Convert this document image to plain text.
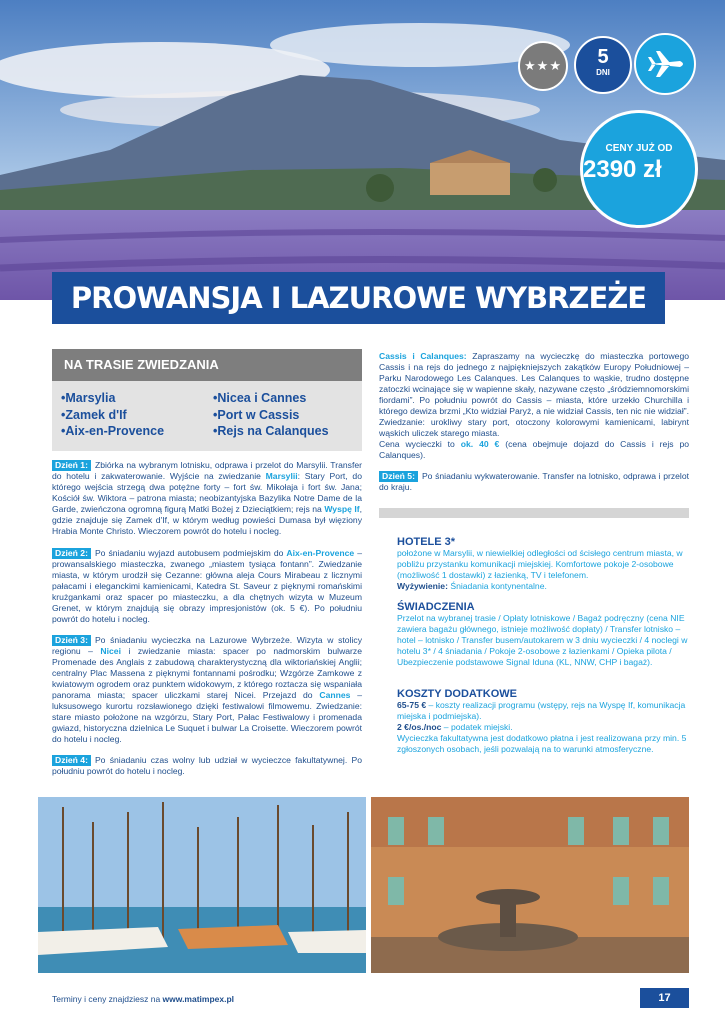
★★★	5
DNI
CENY JUŻ OD
2390 zł
PROWANSJA I LAZUROWE WYBRZEŻE
NA TRASIE ZWIEDZANIA
• Marsylia
• Zamek d'If
• Aix-en-Provence
• Nicea i Cannes
• Port w Cassis
• Rejs na Calanques
Dzień 1: Zbiórka na wybranym lotnisku, odprawa i przelot do Marsylii. Transfer do hotelu i zakwaterowanie. Wyjście na zwiedzanie Marsylii: Stary Port, do którego wejścia strzegą dwa potężne forty – fort św. Mikołaja i fort św. Jana; Kościół św. Wiktora – patrona miasta; neobizantyjska Bazylika Notre Dame de la Garde, zwieńczona ogromną figurą Matki Bożej z Dzieciątkiem; rejs na Wyspę If, gdzie znajduje się Zamek d'If, w którym według powieści Dumasa był więziony Hrabia Monte Christo. Wieczorem powrót do hotelu i nocleg.
Dzień 2: Po śniadaniu wyjazd autobusem podmiejskim do Aix-en-Provence – prowansalskiego miasteczka, zwanego „miastem tysiąca fontann”. Zwiedzanie miasta, w którym urodził się Cezanne: główna aleja Cours Mirabeau z licznymi pałacami i eleganckimi kamienicami, Katedra St. Saveur z pięknymi romańskimi krużgankami oraz spacer po miasteczku, a dla chętnych wizyta w Muzeum Grenet, w którym znajdują się obrazy impresjonistów (ok. 5 €). Po południu powrót do hotelu i nocleg.
Dzień 3: Po śniadaniu wycieczka na Lazurowe Wybrzeże. Wizyta w stolicy regionu – Nicei i zwiedzanie miasta: spacer po nadmorskim bulwarze Promenade des Anglais z zabudową charakterystyczną dla wiktoriańskiej Anglii; centralny Plac Massena z pięknymi fontannami pośrodku; Wzgórze Zamkowe z kwiatowym ogrodem oraz punktem widokowym, z którego roztacza się wspaniała panorama miasta; spacer uliczkami starej Nicei. Przejazd do Cannes – luksusowego kurortu rozsławionego dzięki festiwalowi filmowemu. Zwiedzanie: stare miasto położone na wzgórzu, Stary Port, Pałac Festiwalowy i promenada gwiazd, historyczna dzielnica Le Suquet i bulwar La Croisette. Wieczorem powrót do hotelu i nocleg.
Dzień 4: Po śniadaniu czas wolny lub udział w wycieczce fakultatywnej. Po południu powrót do hotelu i nocleg.
Cassis i Calanques: Zapraszamy na wycieczkę do miasteczka portowego Cassis i na rejs do jednego z najpiękniejszych zakątków Europy Południowej – Parku Narodowego Les Calanques. Les Calanques to wąskie, trudno dostępne zatoczki wcinające się w wapienne skały, nazywane często „śródziemnomorskimi fiordami”. Po południu powrót do Cassis – miasta, które urzekło Churchilla i którego dewiza brzmi „Kto widział Paryż, a nie widział Cassis, ten nic nie widział”. Zwiedzanie: urokliwy stary port, otoczony kolorowymi kamienicami, labirynt wąskich uliczek starego miasta.
Cena wycieczki to ok. 40 € (cena obejmuje dojazd do Cassis i rejs po Calanques).
Dzień 5: Po śniadaniu wykwaterowanie. Transfer na lotnisko, odprawa i przelot do kraju.
HOTELE 3*
położone w Marsylii, w niewielkiej odległości od ścisłego centrum miasta, w pobliżu przystanku komunikacji miejskiej. Komfortowe pokoje 2-osobowe (możliwość 1 dostawki) z łazienką, TV i telefonem.
Wyżywienie: Śniadania kontynentalne.
ŚWIADCZENIA
Przelot na wybranej trasie / Opłaty lotniskowe / Bagaż podręczny (cena NIE zawiera bagażu głównego, istnieje możliwość dopłaty) / Transfer lotnisko – hotel – lotnisko / Transfer busem/autokarem w 3 dniu wycieczki / 4 noclegi w hotelu 3* / 4 śniadania / Pokoje 2-osobowe z łazienkami / Opieka pilota / Ubezpieczenie podstawowe Signal Iduna (KL, NNW, CHP i bagaż).
KOSZTY DODATKOWE
65-75 € – koszty realizacji programu (wstępy, rejs na Wyspę If, komunikacja miejska i podmiejska).
2 €/os./noc – podatek miejski.
Wycieczka fakultatywna jest dodatkowo płatna i jest realizowana przy min. 5 zgłoszonych osobach, jeśli pozwalają na to warunki atmosferyczne.
Terminy i ceny znajdziesz na www.matimpex.pl	17
